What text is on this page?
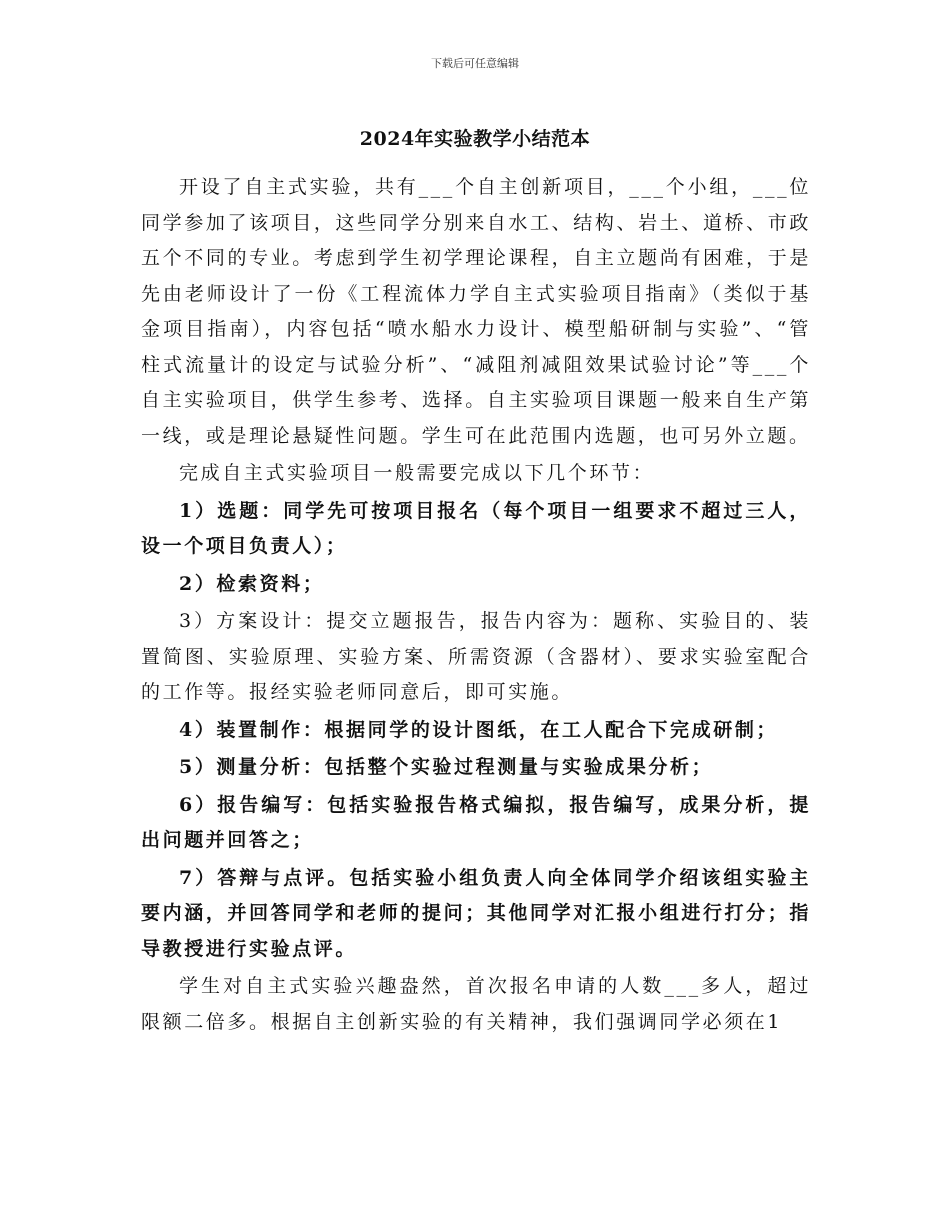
下载后可任意编辑
2024年实验教学小结范本

开设了自主式实验，共有___个自主创新项目，___个小组，___位同学参加了该项目，这些同学分别来自水工、结构、岩土、道桥、市政五个不同的专业。考虑到学生初学理论课程，自主立题尚有困难，于是先由老师设计了一份《工程流体力学自主式实验项目指南》（类似于基金项目指南），内容包括“喷水船水力设计、模型船研制与实验”、“管柱式流量计的设定与试验分析”、“减阻剂减阻效果试验讨论”等___个自主实验项目，供学生参考、选择。自主实验项目课题一般来自生产第一线，或是理论悬疑性问题。学生可在此范围内选题，也可另外立题。

完成自主式实验项目一般需要完成以下几个环节：

1）选题：同学先可按项目报名（每个项目一组要求不超过三人，设一个项目负责人）；

2）检索资料；

3）方案设计：提交立题报告，报告内容为：题称、实验目的、装置简图、实验原理、实验方案、所需资源（含器材）、要求实验室配合的工作等。报经实验老师同意后，即可实施。

4）装置制作：根据同学的设计图纸，在工人配合下完成研制；

5）测量分析：包括整个实验过程测量与实验成果分析；

6）报告编写：包括实验报告格式编拟，报告编写，成果分析，提出问题并回答之；

7）答辩与点评。包括实验小组负责人向全体同学介绍该组实验主要内涵，并回答同学和老师的提问；其他同学对汇报小组进行打分；指导教授进行实验点评。

学生对自主式实验兴趣盎然，首次报名申请的人数___多人，超过限额二倍多。根据自主创新实验的有关精神，我们强调同学必须在1
